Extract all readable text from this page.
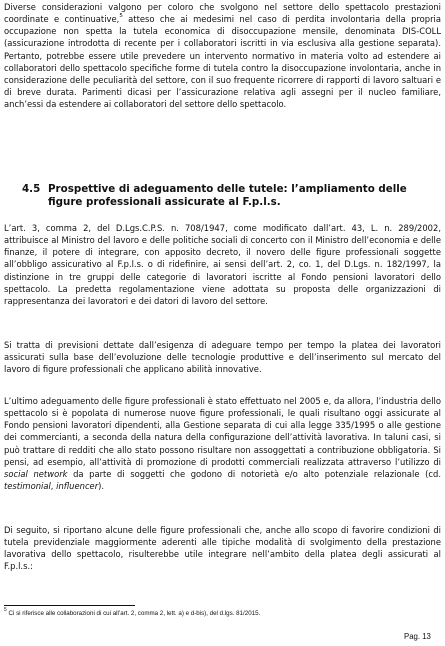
Diverse considerazioni valgono per coloro che svolgono nel settore dello spettacolo prestazioni coordinate e continuative,$^5$ atteso che ai medesimi nel caso di perdita involontaria della propria occupazione non spetta la tutela economica di disoccupazione mensile, denominata DIS-COLL (assicurazione introdotta di recente per i collaboratori iscritti in via esclusiva alla gestione separata). Pertanto, potrebbe essere utile prevedere un intervento normativo in materia volto ad estendere ai collaboratori dello spettacolo specifiche forme di tutela contro la disoccupazione involontaria, anche in considerazione delle peculiarità del settore, con il suo frequente ricorrere di rapporti di lavoro saltuari e di breve durata. Parimenti dicasi per l’assicurazione relativa agli assegni per il nucleo familiare, anch’essi da estendere ai collaboratori del settore dello spettacolo.

4.5 Prospettive di adeguamento delle tutele: l’ampliamento delle figure professionali assicurate al F.p.l.s.

L’art. 3, comma 2, del D.Lgs.C.P.S. n. 708/1947, come modificato dall’art. 43, L. n. 289/2002, attribuisce al Ministro del lavoro e delle politiche sociali di concerto con il Ministro dell’economia e delle finanze, il potere di integrare, con apposito decreto, il novero delle figure professionali soggette all’obbligo assicurativo al F.p.l.s. o di ridefinire, ai sensi dell’art. 2, co. 1, del D.Lgs. n. 182/1997, la distinzione in tre gruppi delle categorie di lavoratori iscritte al Fondo pensioni lavoratori dello spettacolo. La predetta regolamentazione viene adottata su proposta delle organizzazioni di rappresentanza dei lavoratori e dei datori di lavoro del settore.

Si tratta di previsioni dettate dall’esigenza di adeguare tempo per tempo la platea dei lavoratori assicurati sulla base dell’evoluzione delle tecnologie produttive e dell’inserimento sul mercato del lavoro di figure professionali che applicano abilità innovative.

L’ultimo adeguamento delle figure professionali è stato effettuato nel 2005 e, da allora, l’industria dello spettacolo si è popolata di numerose nuove figure professionali, le quali risultano oggi assicurate al Fondo pensioni lavoratori dipendenti, alla Gestione separata di cui alla legge 335/1995 o alle gestione dei commercianti, a seconda della natura della configurazione dell’attività lavorativa. In taluni casi, si può trattare di redditi che allo stato possono risultare non assoggettati a contribuzione obbligatoria. Si pensi, ad esempio, all’attività di promozione di prodotti commerciali realizzata attraverso l’utilizzo di social network da parte di soggetti che godono di notorietà e/o alto potenziale relazionale (cd. testimonial, influencer).

Di seguito, si riportano alcune delle figure professionali che, anche allo scopo di favorire condizioni di tutela previdenziale maggiormente aderenti alle tipiche modalità di svolgimento della prestazione lavorativa dello spettacolo, risulterebbe utile integrare nell’ambito della platea degli assicurati al F.p.l.s.:

$^5$ Ci si riferisce alle collaborazioni di cui all’art. 2, comma 2, lett. a) e d-bis), del d.lgs. 81/2015.
Pag. 13
